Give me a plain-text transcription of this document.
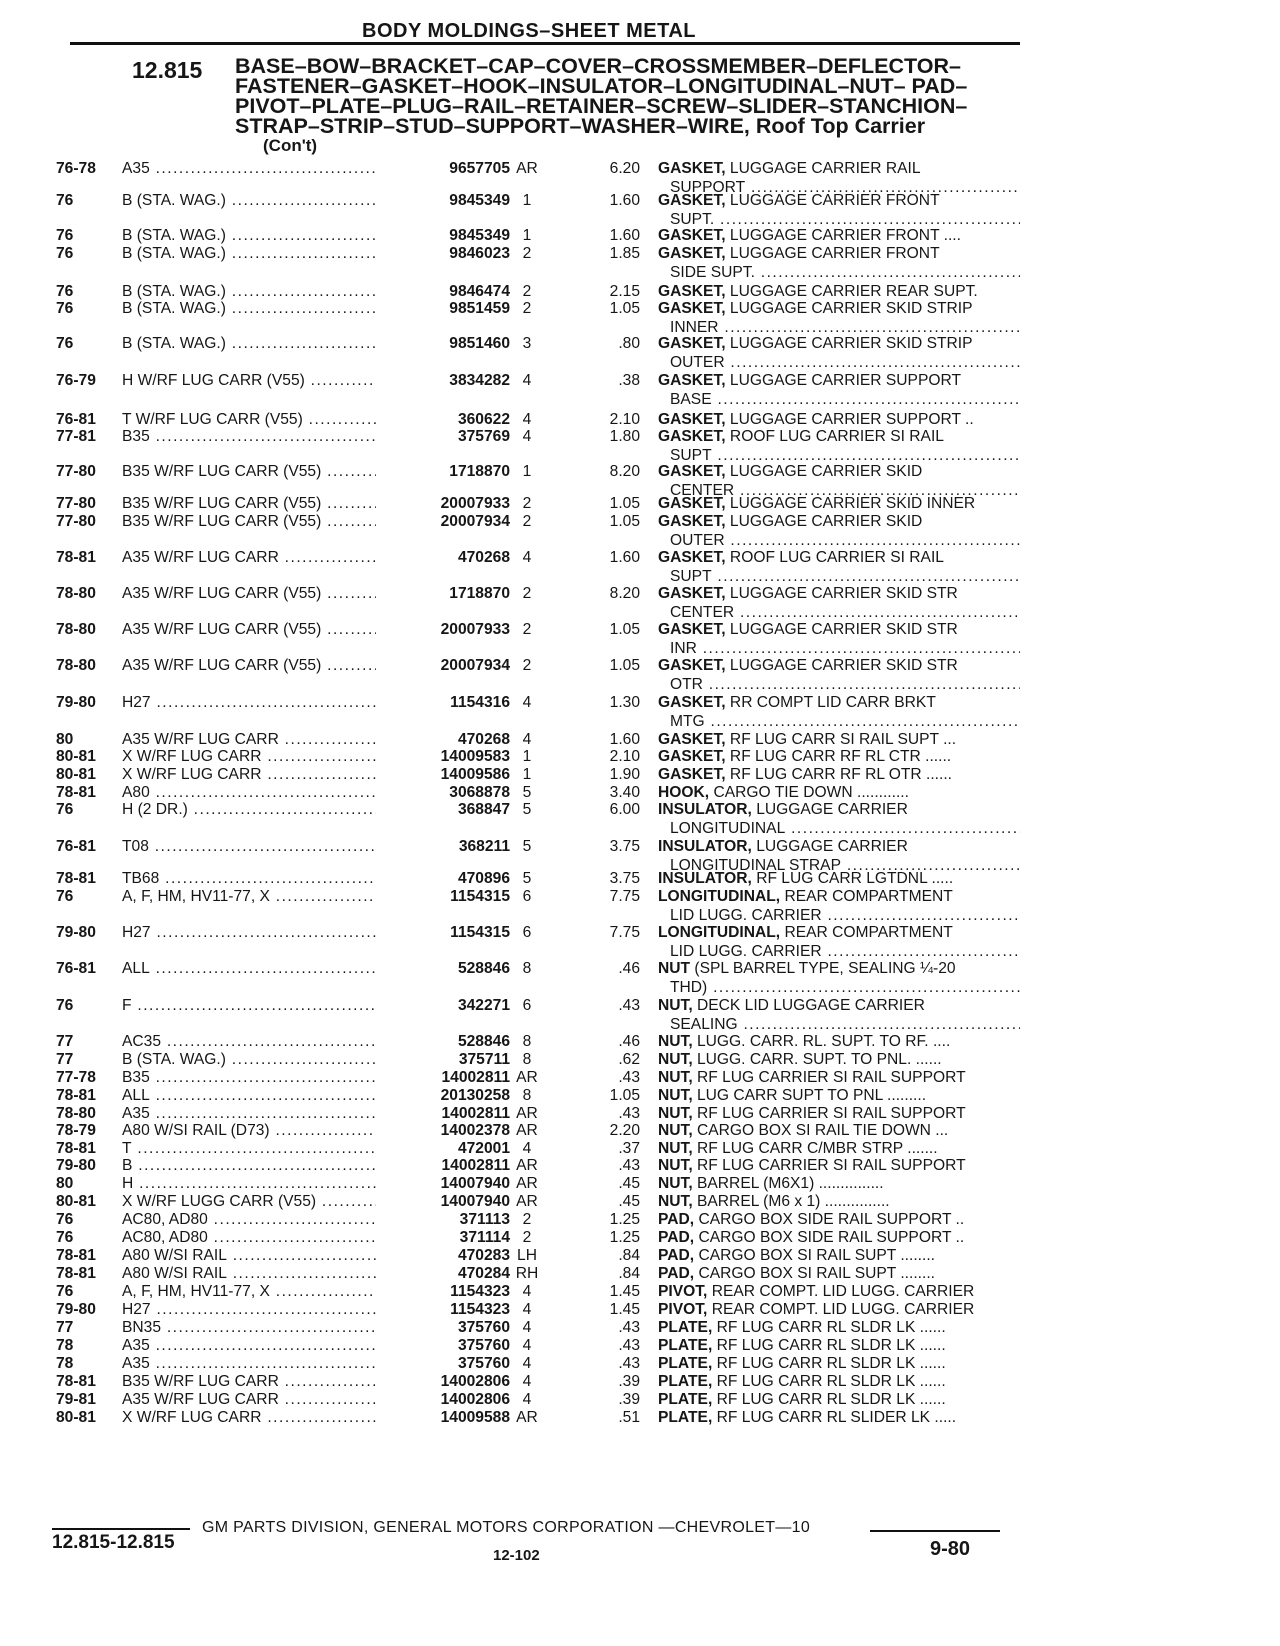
BODY MOLDINGS–SHEET METAL
12.815 BASE–BOW–BRACKET–CAP–COVER–CROSSMEMBER–DEFLECTOR–
FASTENER–GASKET–HOOK–INSULATOR–LONGITUDINAL–NUT– PAD–
PIVOT–PLATE–PLUG–RAIL–RETAINER–SCREW–SLIDER–STANCHION–
STRAP–STRIP–STUD–SUPPORT–WASHER–WIRE, Roof Top Carrier
(Con't)
76-78	A35 .....	9657705 AR	6.20 GASKET, LUGGAGE CARRIER RAIL
SUPPORT .....
76	B (STA. WAG.) .....	9845349 1	1.60 GASKET, LUGGAGE CARRIER FRONT
SUPT. .....
76	B (STA. WAG.) .....	9845349 1	1.60 GASKET, LUGGAGE CARRIER FRONT ....
76	B (STA. WAG.) .....	9846023 2	1.85 GASKET, LUGGAGE CARRIER FRONT
SIDE SUPT. .....
76	B (STA. WAG.) .....	9846474 2	2.15 GASKET, LUGGAGE CARRIER REAR SUPT.
76	B (STA. WAG.) .....	9851459 2	1.05 GASKET, LUGGAGE CARRIER SKID STRIP
INNER .....
76	B (STA. WAG.) .....	9851460 3	.80 GASKET, LUGGAGE CARRIER SKID STRIP
OUTER .....
76-79	H W/RF LUG CARR (V55) .....	3834282 4	.38 GASKET, LUGGAGE CARRIER SUPPORT
BASE .....
76-81	T W/RF LUG CARR (V55) .....	360622 4	2.10 GASKET, LUGGAGE CARRIER SUPPORT ..
77-81	B35 .....	375769 4	1.80 GASKET, ROOF LUG CARRIER SI RAIL
SUPT .....
77-80	B35 W/RF LUG CARR (V55) .....	1718870 1	8.20 GASKET, LUGGAGE CARRIER SKID
CENTER .....
77-80	B35 W/RF LUG CARR (V55) .....	20007933 2	1.05 GASKET, LUGGAGE CARRIER SKID INNER
77-80	B35 W/RF LUG CARR (V55) .....	20007934 2	1.05 GASKET, LUGGAGE CARRIER SKID
OUTER .....
78-81	A35 W/RF LUG CARR .....	470268 4	1.60 GASKET, ROOF LUG CARRIER SI RAIL
SUPT .....
78-80	A35 W/RF LUG CARR (V55) .....	1718870 2	8.20 GASKET, LUGGAGE CARRIER SKID STR
CENTER .....
78-80	A35 W/RF LUG CARR (V55) .....	20007933 2	1.05 GASKET, LUGGAGE CARRIER SKID STR
INR .....
78-80	A35 W/RF LUG CARR (V55) .....	20007934 2	1.05 GASKET, LUGGAGE CARRIER SKID STR
OTR .....
79-80	H27 .....	1154316 4	1.30 GASKET, RR COMPT LID CARR BRKT
MTG .....
80	A35 W/RF LUG CARR .....	470268 4	1.60 GASKET, RF LUG CARR SI RAIL SUPT ...
80-81	X W/RF LUG CARR .....	14009583 1	2.10 GASKET, RF LUG CARR RF RL CTR ......
80-81	X W/RF LUG CARR .....	14009586 1	1.90 GASKET, RF LUG CARR RF RL OTR ......
78-81	A80 .....	3068878 5	3.40 HOOK, CARGO TIE DOWN ............
76	H (2 DR.) .....	368847 5	6.00 INSULATOR, LUGGAGE CARRIER
LONGITUDINAL .....
76-81	T08 .....	368211 5	3.75 INSULATOR, LUGGAGE CARRIER
LONGITUDINAL STRAP .....
78-81	TB68 .....	470896 5	3.75 INSULATOR, RF LUG CARR LGTDNL .....
76	A, F, HM, HV11-77, X .....	1154315 6	7.75 LONGITUDINAL, REAR COMPARTMENT
LID LUGG. CARRIER .....
79-80	H27 .....	1154315 6	7.75 LONGITUDINAL, REAR COMPARTMENT
LID LUGG. CARRIER .....
76-81	ALL .....	528846 8	.46 NUT (SPL BARREL TYPE, SEALING ¼-20
THD) .....
76	F .....	342271 6	.43 NUT, DECK LID LUGGAGE CARRIER
SEALING .....
77	AC35 .....	528846 8	.46 NUT, LUGG. CARR. RL. SUPT. TO RF. ....
77	B (STA. WAG.) .....	375711 8	.62 NUT, LUGG. CARR. SUPT. TO PNL. ......
77-78	B35 .....	14002811 AR	.43 NUT, RF LUG CARRIER SI RAIL SUPPORT
78-81	ALL .....	20130258 8	1.05 NUT, LUG CARR SUPT TO PNL .........
78-80	A35 .....	14002811 AR	.43 NUT, RF LUG CARRIER SI RAIL SUPPORT
78-79	A80 W/SI RAIL (D73) .....	14002378 AR	2.20 NUT, CARGO BOX SI RAIL TIE DOWN ...
78-81	T .....	472001 4	.37 NUT, RF LUG CARR C/MBR STRP .......
79-80	B .....	14002811 AR	.43 NUT, RF LUG CARRIER SI RAIL SUPPORT
80	H .....	14007940 AR	.45 NUT, BARREL (M6X1) ...............
80-81	X W/RF LUGG CARR (V55) .....	14007940 AR	.45 NUT, BARREL (M6 x 1) ...............
76	AC80, AD80 .....	371113 2	1.25 PAD, CARGO BOX SIDE RAIL SUPPORT ..
76	AC80, AD80 .....	371114 2	1.25 PAD, CARGO BOX SIDE RAIL SUPPORT ..
78-81	A80 W/SI RAIL .....	470283 LH	.84 PAD, CARGO BOX SI RAIL SUPT ........
78-81	A80 W/SI RAIL .....	470284 RH	.84 PAD, CARGO BOX SI RAIL SUPT ........
76	A, F, HM, HV11-77, X .....	1154323 4	1.45 PIVOT, REAR COMPT. LID LUGG. CARRIER
79-80	H27 .....	1154323 4	1.45 PIVOT, REAR COMPT. LID LUGG. CARRIER
77	BN35 .....	375760 4	.43 PLATE, RF LUG CARR RL SLDR LK ......
78	A35 .....	375760 4	.43 PLATE, RF LUG CARR RL SLDR LK ......
78	A35 .....	375760 4	.43 PLATE, RF LUG CARR RL SLDR LK ......
78-81	B35 W/RF LUG CARR .....	14002806 4	.39 PLATE, RF LUG CARR RL SLDR LK ......
79-81	A35 W/RF LUG CARR .....	14002806 4	.39 PLATE, RF LUG CARR RL SLDR LK ......
80-81	X W/RF LUG CARR .....	14009588 AR	.51 PLATE, RF LUG CARR RL SLIDER LK .....
GM PARTS DIVISION, GENERAL MOTORS CORPORATION —CHEVROLET—10
12.815-12.815
12-102	9-80
